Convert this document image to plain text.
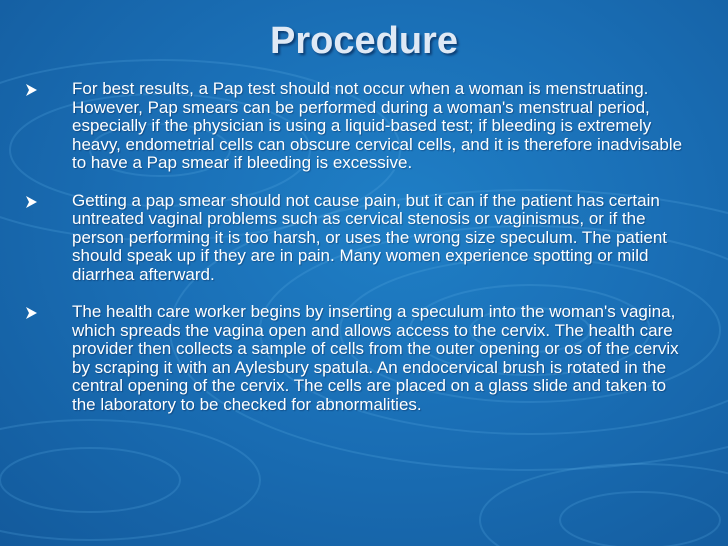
Procedure
For best results, a Pap test should not occur when a woman is menstruating. However, Pap smears can be performed during a woman's menstrual period, especially if the physician is using a liquid-based test; if bleeding is extremely heavy, endometrial cells can obscure cervical cells, and it is therefore inadvisable to have a Pap smear if bleeding is excessive.
Getting a pap smear should not cause pain, but it can if the patient has certain untreated vaginal problems such as cervical stenosis or vaginismus, or if the person performing it is too harsh, or uses the wrong size speculum. The patient should speak up if they are in pain. Many women experience spotting or mild diarrhea afterward.
The health care worker begins by inserting a speculum into the woman's vagina, which spreads the vagina open and allows access to the cervix. The health care provider then collects a sample of cells from the outer opening or os of the cervix by scraping it with an Aylesbury spatula. An endocervical brush is rotated in the central opening of the cervix. The cells are placed on a glass slide and taken to the laboratory to be checked for abnormalities.
